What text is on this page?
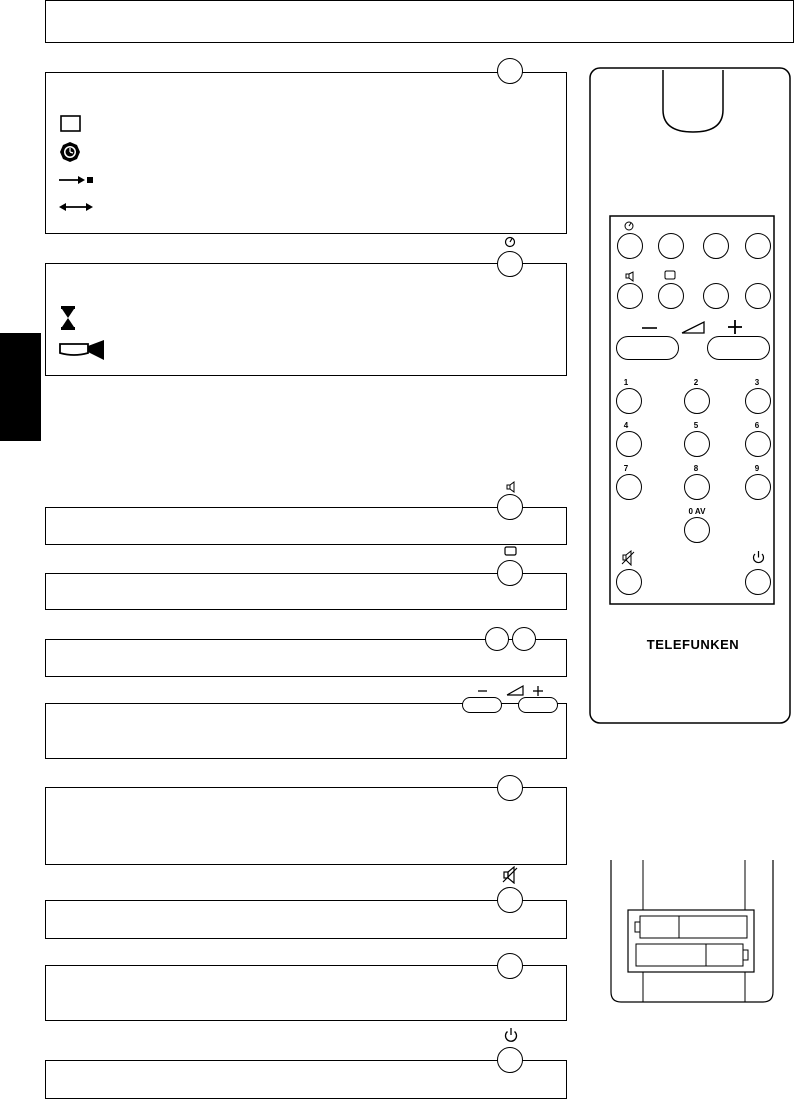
1	2	3
4	5	6
7	8	9
0 AV
TELEFUNKEN
